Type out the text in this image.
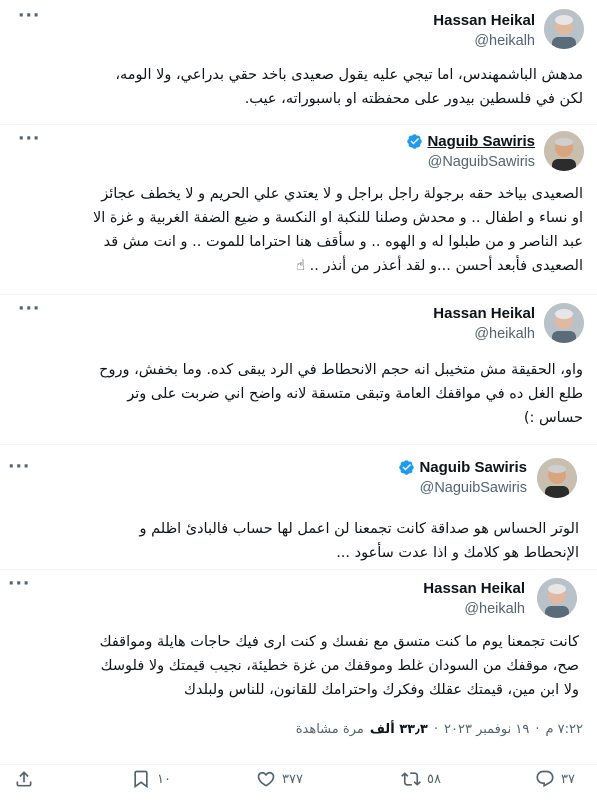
···	Hassan Heikal
@heikalh
مدهش الباشمهندس، اما تيجي عليه يقول صعيدى باخد حقي بدراعي، ولا الومه،
لكن في فلسطين بيدور على محفظته او باسبوراته، عيب.
···	Naguib Sawiris
@NaguibSawiris
الصعيدى بياخد حقه برجولة راجل براجل و لا يعتدي علي الحريم و لا يخطف عجائز
او نساء و اطفال .. و محدش وصلنا للنكبة او النكسة و ضيع الضفة الغربية و غزة الا
عبد الناصر و من طبلوا له و الهوه .. و سأقف هنا احتراما للموت .. و انت مش قد
الصعيدى فأبعد أحسن ...و لقد أعذر من أنذر .. ☝
···	Hassan Heikal
@heikalh
واو، الحقيقة مش متخيبل انه حجم الانحطاط في الرد يبقى كده. وما بخفش، وروح
طلع الغل ده في مواقفك العامة وتبقى متسقة لانه واضح اني ضربت على وتر
حساس :)
···	Naguib Sawiris
@NaguibSawiris
الوتر الحساس هو صداقة كانت تجمعنا لن اعمل لها حساب فالبادئ اظلم و
الإنحطاط هو كلامك و اذا عدت سأعود ...
···	Hassan Heikal
@heikalh
كانت تجمعنا يوم ما كنت متسق مع نفسك و كنت ارى فيك حاجات هايلة ومواقفك
صح، موقفك من السودان غلط وموقفك من غزة خطيئة، نجيب قيمتك ولا فلوسك
ولا ابن مين، قيمتك عقلك وفكرك واحترامك للقانون، للناس ولبلدك
٧:٢٢ م
·
١٩ نوفمبر ٢٠٢٣
·
٣٣٫٣ ألف
مرة مشاهدة
٣٧
٥٨
٣٧٧
١٠
